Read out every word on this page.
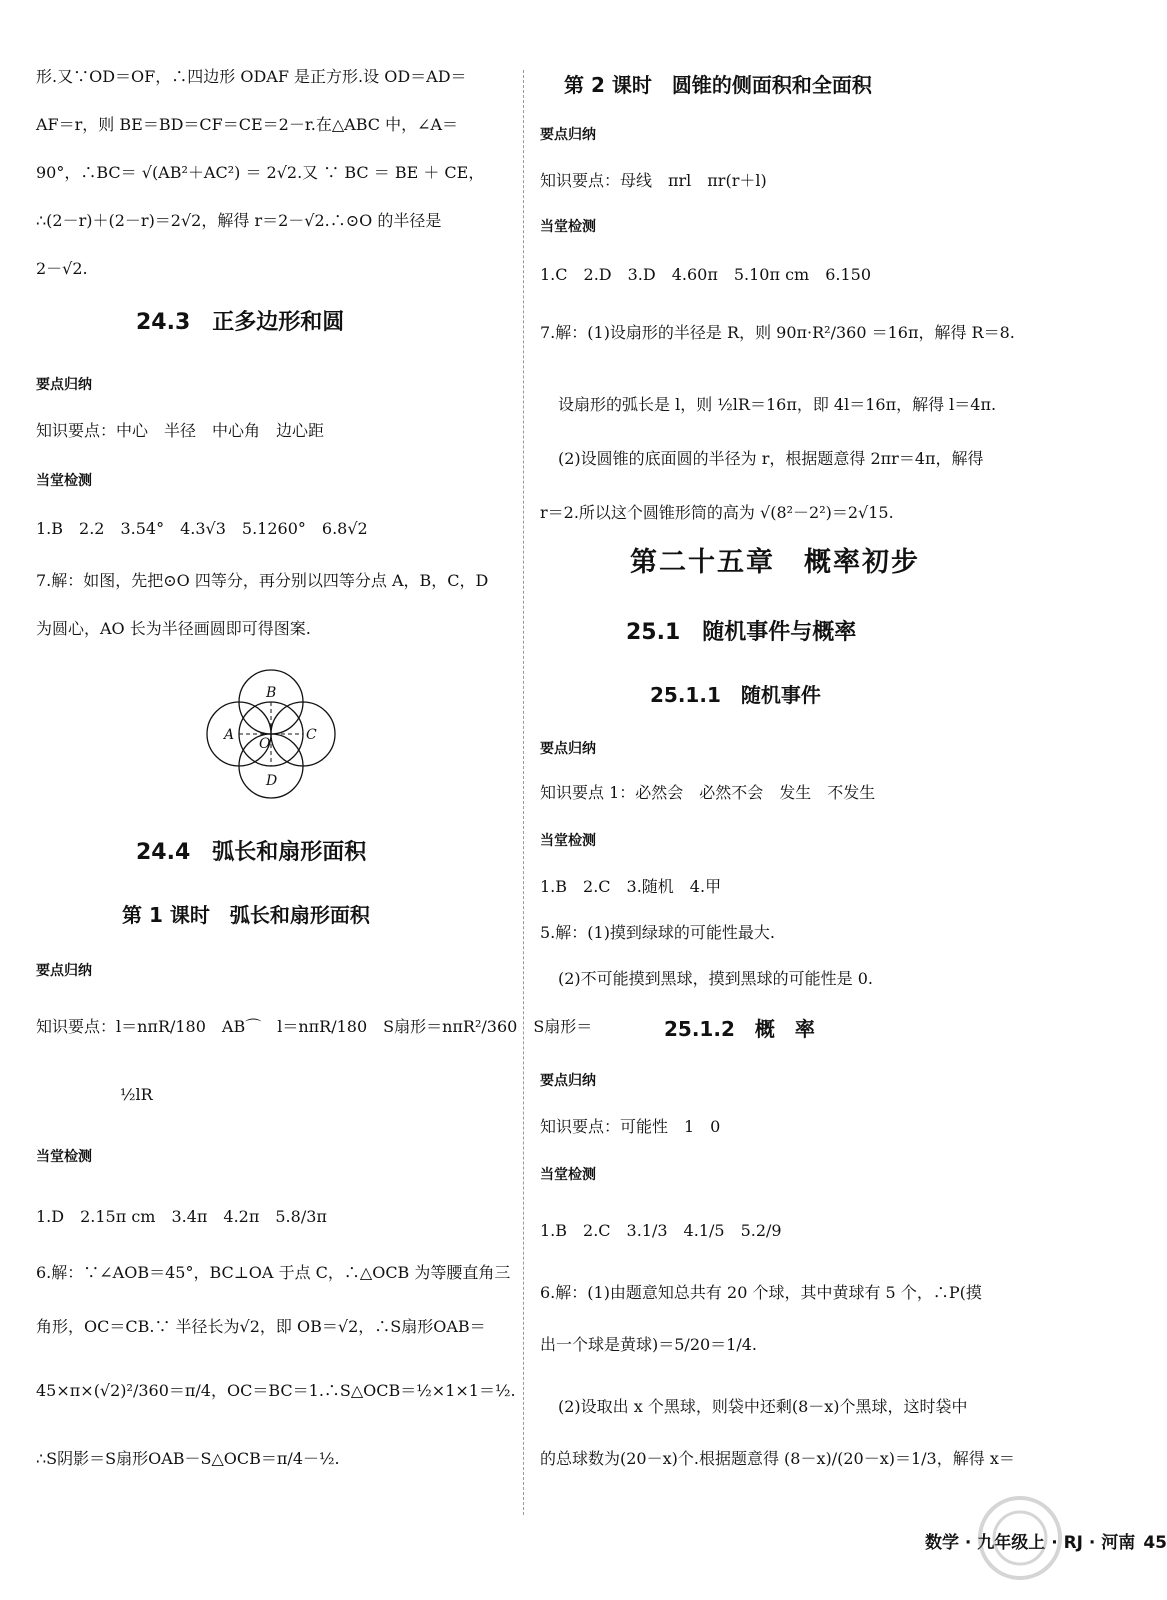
形.又∵OD＝OF，∴四边形 ODAF 是正方形.设 OD＝AD＝
AF＝r，则 BE＝BD＝CF＝CE＝2－r.在△ABC 中，∠A＝
90°，∴BC＝ √(AB²＋AC²) ＝ 2√2.又 ∵ BC ＝ BE ＋ CE，
∴(2－r)＋(2－r)＝2√2，解得 r＝2－√2.∴⊙O 的半径是
2－√2.
24.3　正多边形和圆
要点归纳
知识要点：中心　半径　中心角　边心距
当堂检测
1.B　2.2　3.54°　4.3√3　5.1260°　6.8√2
7.解：如图，先把⊙O 四等分，再分别以四等分点 A，B，C，D
为圆心，AO 长为半径画圆即可得图案.
B
D
A	C
O
24.4　弧长和扇形面积
第 1 课时　弧长和扇形面积
要点归纳
知识要点：l＝nπR/180　AB⌒　l＝nπR/180　S扇形＝nπR²/360　S扇形＝
½lR
当堂检测
1.D　2.15π cm　3.4π　4.2π　5.8/3π
6.解：∵∠AOB＝45°，BC⊥OA 于点 C，∴△OCB 为等腰直角三
角形，OC＝CB.∵ 半径长为√2，即 OB＝√2，∴S扇形OAB＝
45×π×(√2)²/360＝π/4，OC＝BC＝1.∴S△OCB＝½×1×1＝½.
∴S阴影＝S扇形OAB－S△OCB＝π/4－½.
第 2 课时　圆锥的侧面积和全面积
要点归纳
知识要点：母线　πrl　πr(r＋l)
当堂检测
1.C　2.D　3.D　4.60π　5.10π cm　6.150
7.解：(1)设扇形的半径是 R，则 90π·R²/360 ＝16π，解得 R＝8.
设扇形的弧长是 l，则 ½lR＝16π，即 4l＝16π，解得 l＝4π.
(2)设圆锥的底面圆的半径为 r，根据题意得 2πr＝4π，解得
r＝2.所以这个圆锥形筒的高为 √(8²－2²)＝2√15.
第二十五章　概率初步
25.1　随机事件与概率
25.1.1　随机事件
要点归纳
知识要点 1：必然会　必然不会　发生　不发生
当堂检测
1.B　2.C　3.随机　4.甲
5.解：(1)摸到绿球的可能性最大.
(2)不可能摸到黑球，摸到黑球的可能性是 0.
25.1.2　概　率
要点归纳
知识要点：可能性　1　0
当堂检测
1.B　2.C　3.1/3　4.1/5　5.2/9
6.解：(1)由题意知总共有 20 个球，其中黄球有 5 个，∴P(摸
出一个球是黄球)＝5/20＝1/4.
(2)设取出 x 个黑球，则袋中还剩(8－x)个黑球，这时袋中
的总球数为(20－x)个.根据题意得 (8－x)/(20－x)＝1/3，解得 x＝
数学 · 九年级上 · RJ · 河南 45
